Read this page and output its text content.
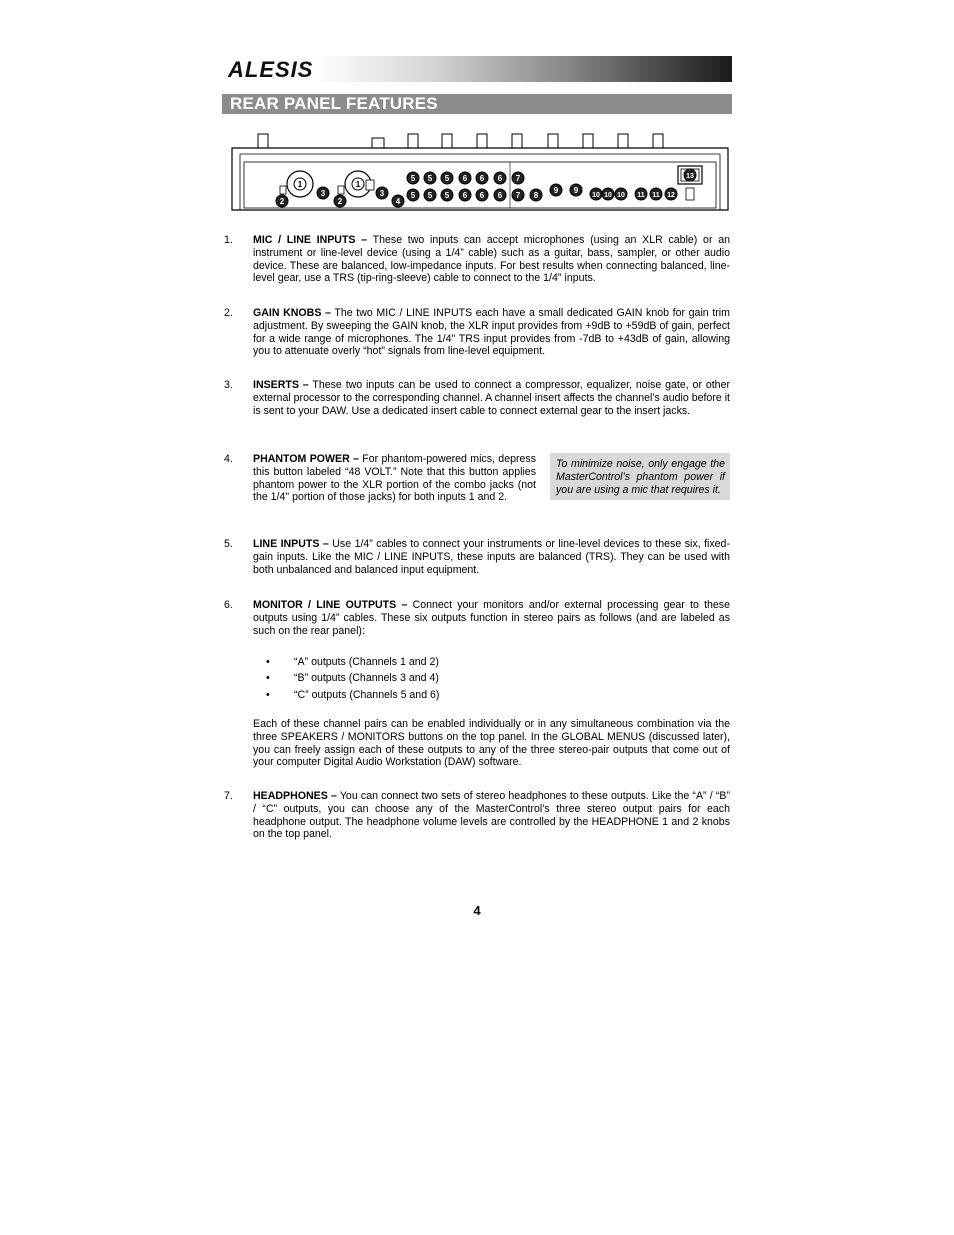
ALESIS
REAR PANEL FEATURES
1	1
2	2
3	3
4
5 5 5
5 5 5
6 6 6
6 6 6
7
7 8
9 9
10 10 10 11 11 12
13
1. MIC / LINE INPUTS – These two inputs can accept microphones (using an XLR cable) or an instrument or line-level device (using a 1/4” cable) such as a guitar, bass, sampler, or other audio device. These are balanced, low-impedance inputs. For best results when connecting balanced, line-level gear, use a TRS (tip-ring-sleeve) cable to connect to the 1/4" inputs.
2. GAIN KNOBS – The two MIC / LINE INPUTS each have a small dedicated GAIN knob for gain trim adjustment. By sweeping the GAIN knob, the XLR input provides from +9dB to +59dB of gain, perfect for a wide range of microphones. The 1/4" TRS input provides from -7dB to +43dB of gain, allowing you to attenuate overly “hot” signals from line-level equipment.
3. INSERTS – These two inputs can be used to connect a compressor, equalizer, noise gate, or other external processor to the corresponding channel. A channel insert affects the channel’s audio before it is sent to your DAW. Use a dedicated insert cable to connect external gear to the insert jacks.
4. PHANTOM POWER – For phantom-powered mics, depress this button labeled “48 VOLT.” Note that this button applies phantom power to the XLR portion of the combo jacks (not the 1/4" portion of those jacks) for both inputs 1 and 2.
To minimize noise, only engage the MasterControl’s phantom power if you are using a mic that requires it.
5. LINE INPUTS – Use 1/4” cables to connect your instruments or line-level devices to these six, fixed-gain inputs. Like the MIC / LINE INPUTS, these inputs are balanced (TRS). They can be used with both unbalanced and balanced input equipment.
6. MONITOR / LINE OUTPUTS – Connect your monitors and/or external processing gear to these outputs using 1/4” cables. These six outputs function in stereo pairs as follows (and are labeled as such on the rear panel):
• “A” outputs (Channels 1 and 2)
• “B” outputs (Channels 3 and 4)
• “C” outputs (Channels 5 and 6)
Each of these channel pairs can be enabled individually or in any simultaneous combination via the three SPEAKERS / MONITORS buttons on the top panel. In the GLOBAL MENUS (discussed later), you can freely assign each of these outputs to any of the three stereo-pair outputs that come out of your computer Digital Audio Workstation (DAW) software.
7. HEADPHONES – You can connect two sets of stereo headphones to these outputs. Like the “A” / “B” / “C” outputs, you can choose any of the MasterControl’s three stereo output pairs for each headphone output. The headphone volume levels are controlled by the HEADPHONE 1 and 2 knobs on the top panel.
4
